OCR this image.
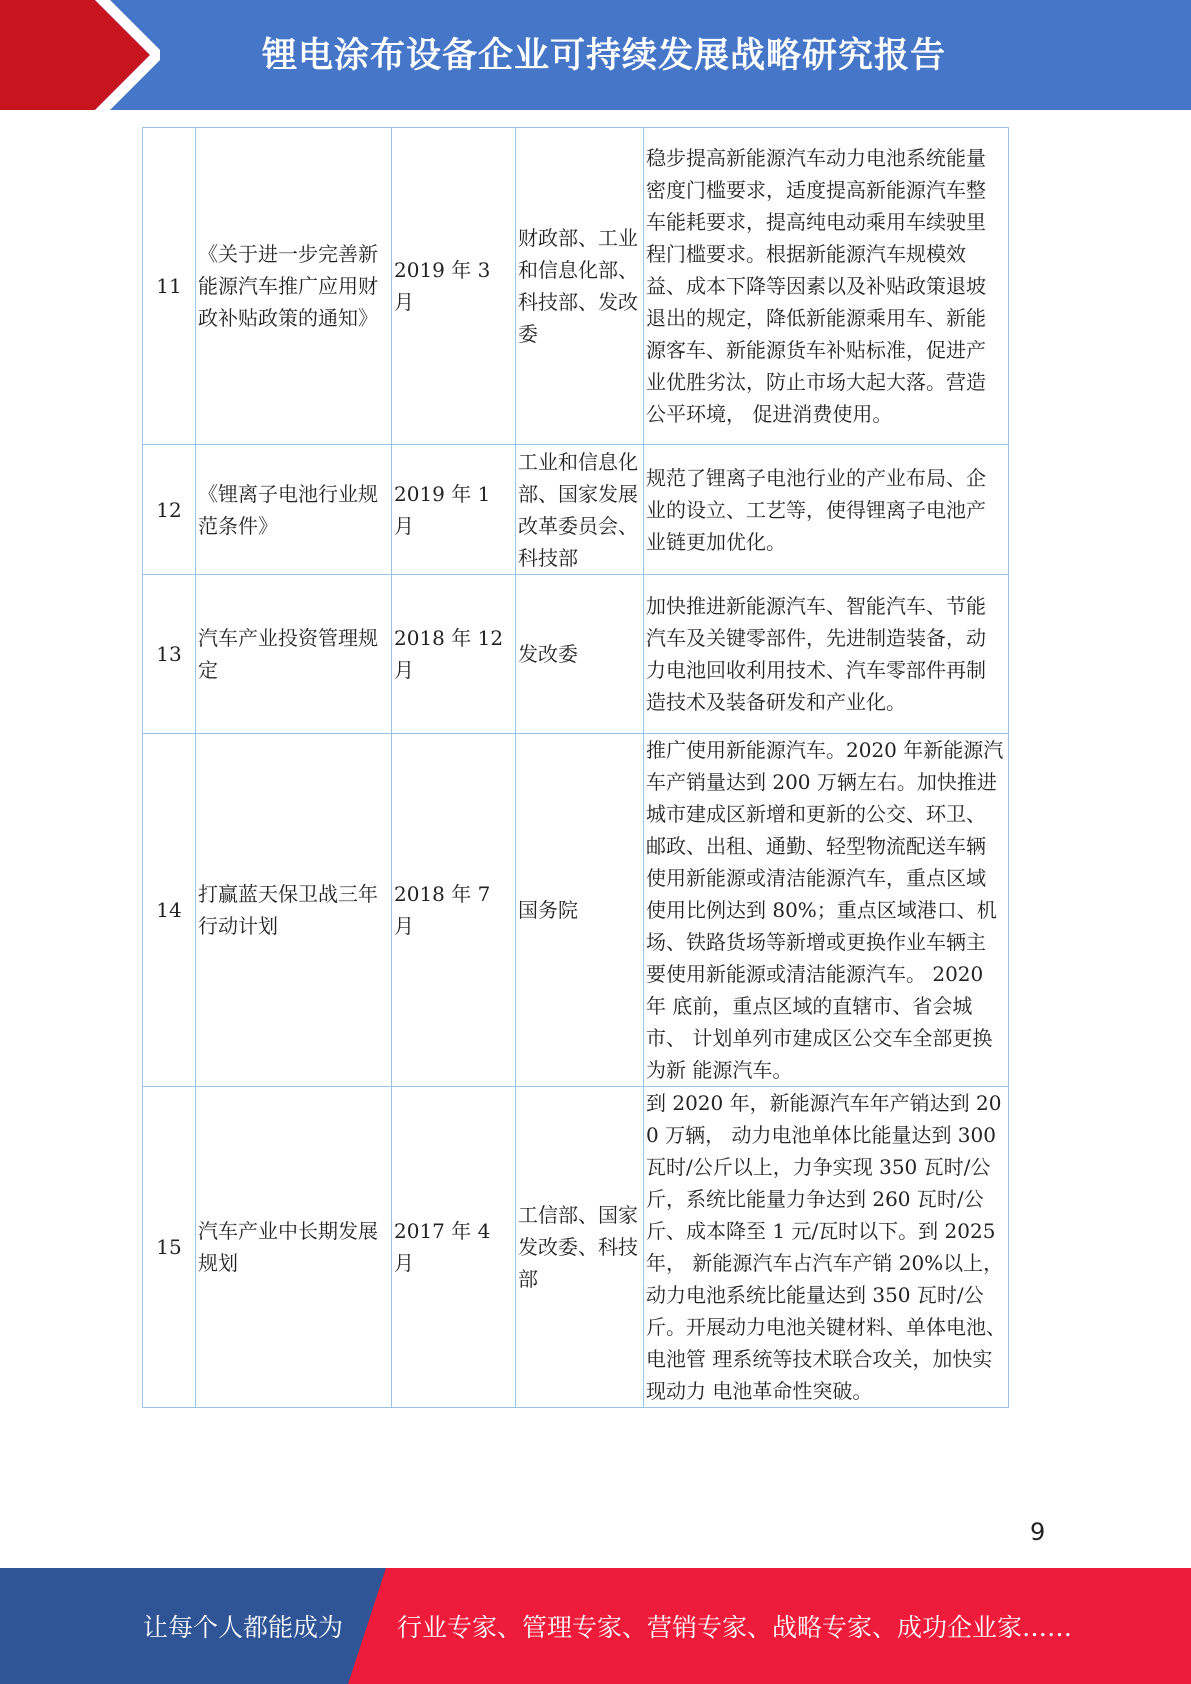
锂电涂布设备企业可持续发展战略研究报告
11	《关于进一步完善新 能源汽车推广应用财 政补贴政策的通知》	2019 年 3 月	财政部、工业和信息化部、科技部、发改委	稳步提高新能源汽车动力电池系统能量 密度门槛要求，适度提高新能源汽车整 车能耗要求，提高纯电动乘用车续驶里 程门槛要求。根据新能源汽车规模效 益、成本下降等因素以及补贴政策退坡 退出的规定，降低新能源乘用车、新能 源客车、新能源货车补贴标准，促进产 业优胜劣汰，防止市场大起大落。营造 公平环境， 促进消费使用。
12	《锂离子电池行业规 范条件》	2019 年 1 月	工业和信息化部、国家发展改革委员会、科技部	规范了锂离子电池行业的产业布局、企 业的设立、工艺等，使得锂离子电池产 业链更加优化。
13	汽车产业投资管理规定	2018 年 12 月	发改委	加快推进新能源汽车、智能汽车、节能 汽车及关键零部件，先进制造装备，动 力电池回收利用技术、汽车零部件再制 造技术及装备研发和产业化。
14	打赢蓝天保卫战三年 行动计划	2018 年 7 月	国务院	推广使用新能源汽车。2020 年新能源汽 车产销量达到 200 万辆左右。加快推进 城市建成区新增和更新的公交、环卫、 邮政、出租、通勤、轻型物流配送车辆 使用新能源或清洁能源汽车，重点区域 使用比例达到 80%；重点区域港口、机 场、铁路货场等新增或更换作业车辆主 要使用新能源或清洁能源汽车。 2020 年 底前，重点区域的直辖市、省会城市、 计划单列市建成区公交车全部更换为新 能源汽车。
15	汽车产业中长期发展 规划	2017 年 4 月	工信部、国家发改委、科技部	到 2020 年，新能源汽车年产销达到 200 万辆， 动力电池单体比能量达到 300 瓦时/公斤以上，力争实现 350 瓦时/公斤，系统比能量力争达到 260 瓦时/公斤、成本降至 1 元/瓦时以下。到 2025 年， 新能源汽车占汽车产销 20%以上， 动力电池系统比能量达到 350 瓦时/公斤。开展动力电池关键材料、单体电池、电池管 理系统等技术联合攻关，加快实现动力 电池革命性突破。
9
让每个人都能成为 行业专家、管理专家、营销专家、战略专家、成功企业家……
